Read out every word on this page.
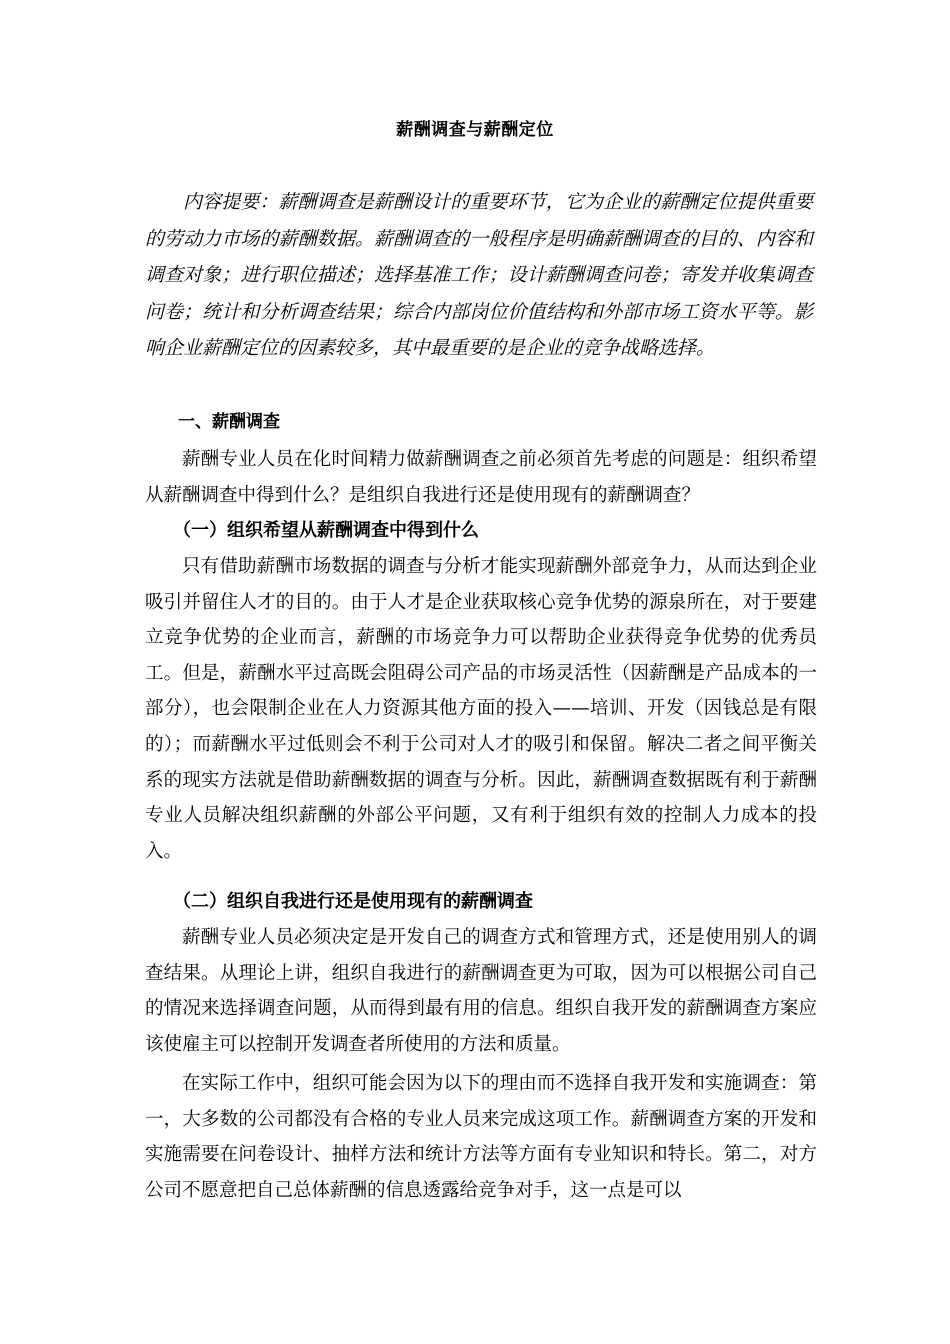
薪酬调查与薪酬定位

内容提要：薪酬调查是薪酬设计的重要环节，它为企业的薪酬定位提供重要的劳动力市场的薪酬数据。薪酬调查的一般程序是明确薪酬调查的目的、内容和调查对象；进行职位描述；选择基准工作；设计薪酬调查问卷；寄发并收集调查问卷；统计和分析调查结果；综合内部岗位价值结构和外部市场工资水平等。影响企业薪酬定位的因素较多，其中最重要的是企业的竞争战略选择。

一、薪酬调查

薪酬专业人员在化时间精力做薪酬调查之前必须首先考虑的问题是：组织希望从薪酬调查中得到什么？是组织自我进行还是使用现有的薪酬调查？

（一）组织希望从薪酬调查中得到什么

只有借助薪酬市场数据的调查与分析才能实现薪酬外部竞争力，从而达到企业吸引并留住人才的目的。由于人才是企业获取核心竞争优势的源泉所在，对于要建立竞争优势的企业而言，薪酬的市场竞争力可以帮助企业获得竞争优势的优秀员工。但是，薪酬水平过高既会阻碍公司产品的市场灵活性（因薪酬是产品成本的一部分），也会限制企业在人力资源其他方面的投入——培训、开发（因钱总是有限的）；而薪酬水平过低则会不利于公司对人才的吸引和保留。解决二者之间平衡关系的现实方法就是借助薪酬数据的调查与分析。因此，薪酬调查数据既有利于薪酬专业人员解决组织薪酬的外部公平问题，又有利于组织有效的控制人力成本的投入。

（二）组织自我进行还是使用现有的薪酬调查

薪酬专业人员必须决定是开发自己的调查方式和管理方式，还是使用别人的调查结果。从理论上讲，组织自我进行的薪酬调查更为可取，因为可以根据公司自己的情况来选择调查问题，从而得到最有用的信息。组织自我开发的薪酬调查方案应该使雇主可以控制开发调查者所使用的方法和质量。

在实际工作中，组织可能会因为以下的理由而不选择自我开发和实施调查：第一，大多数的公司都没有合格的专业人员来完成这项工作。薪酬调查方案的开发和实施需要在问卷设计、抽样方法和统计方法等方面有专业知识和特长。第二，对方公司不愿意把自己总体薪酬的信息透露给竞争对手，这一点是可以
